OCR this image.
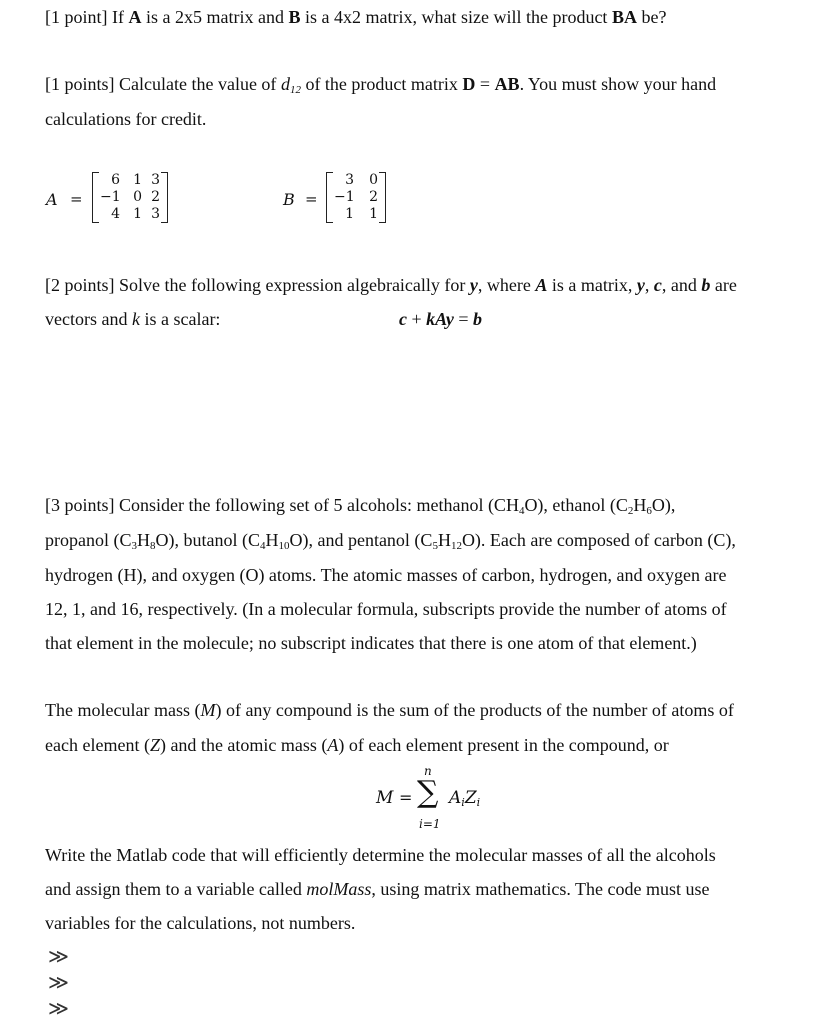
[1 point] If A is a 2x5 matrix and B is a 4x2 matrix, what size will the product BA be?
[1 points] Calculate the value of $d_{12}$ of the product matrix D = AB. You must show your hand
calculations for credit.
A =
6 1 3
−1 0 2
4 1 3
B =
3	0
−1	2
1	1
[2 points] Solve the following expression algebraically for y, where A is a matrix, y, c, and b are
vectors and k is a scalar:	c + kAy = b
[3 points] Consider the following set of 5 alcohols: methanol $(CH_4O)$, ethanol $(C_2H_6O)$,
propanol $(C_3H_8O)$, butanol $(C_4H_{10}O)$, and pentanol $(C_5H_{12}O)$. Each are composed of carbon (C),
hydrogen (H), and oxygen (O) atoms. The atomic masses of carbon, hydrogen, and oxygen are
12, 1, and 16, respectively. (In a molecular formula, subscripts provide the number of atoms of
that element in the molecule; no subscript indicates that there is one atom of that element.)
The molecular mass (M) of any compound is the sum of the products of the number of atoms of
each element (Z) and the atomic mass (A) of each element present in the compound, or
M =
n
∑
i=1
$A_iZ_i$
Write the Matlab code that will efficiently determine the molecular masses of all the alcohols
and assign them to a variable called molMass, using matrix mathematics. The code must use
variables for the calculations, not numbers.
≫
≫
≫
